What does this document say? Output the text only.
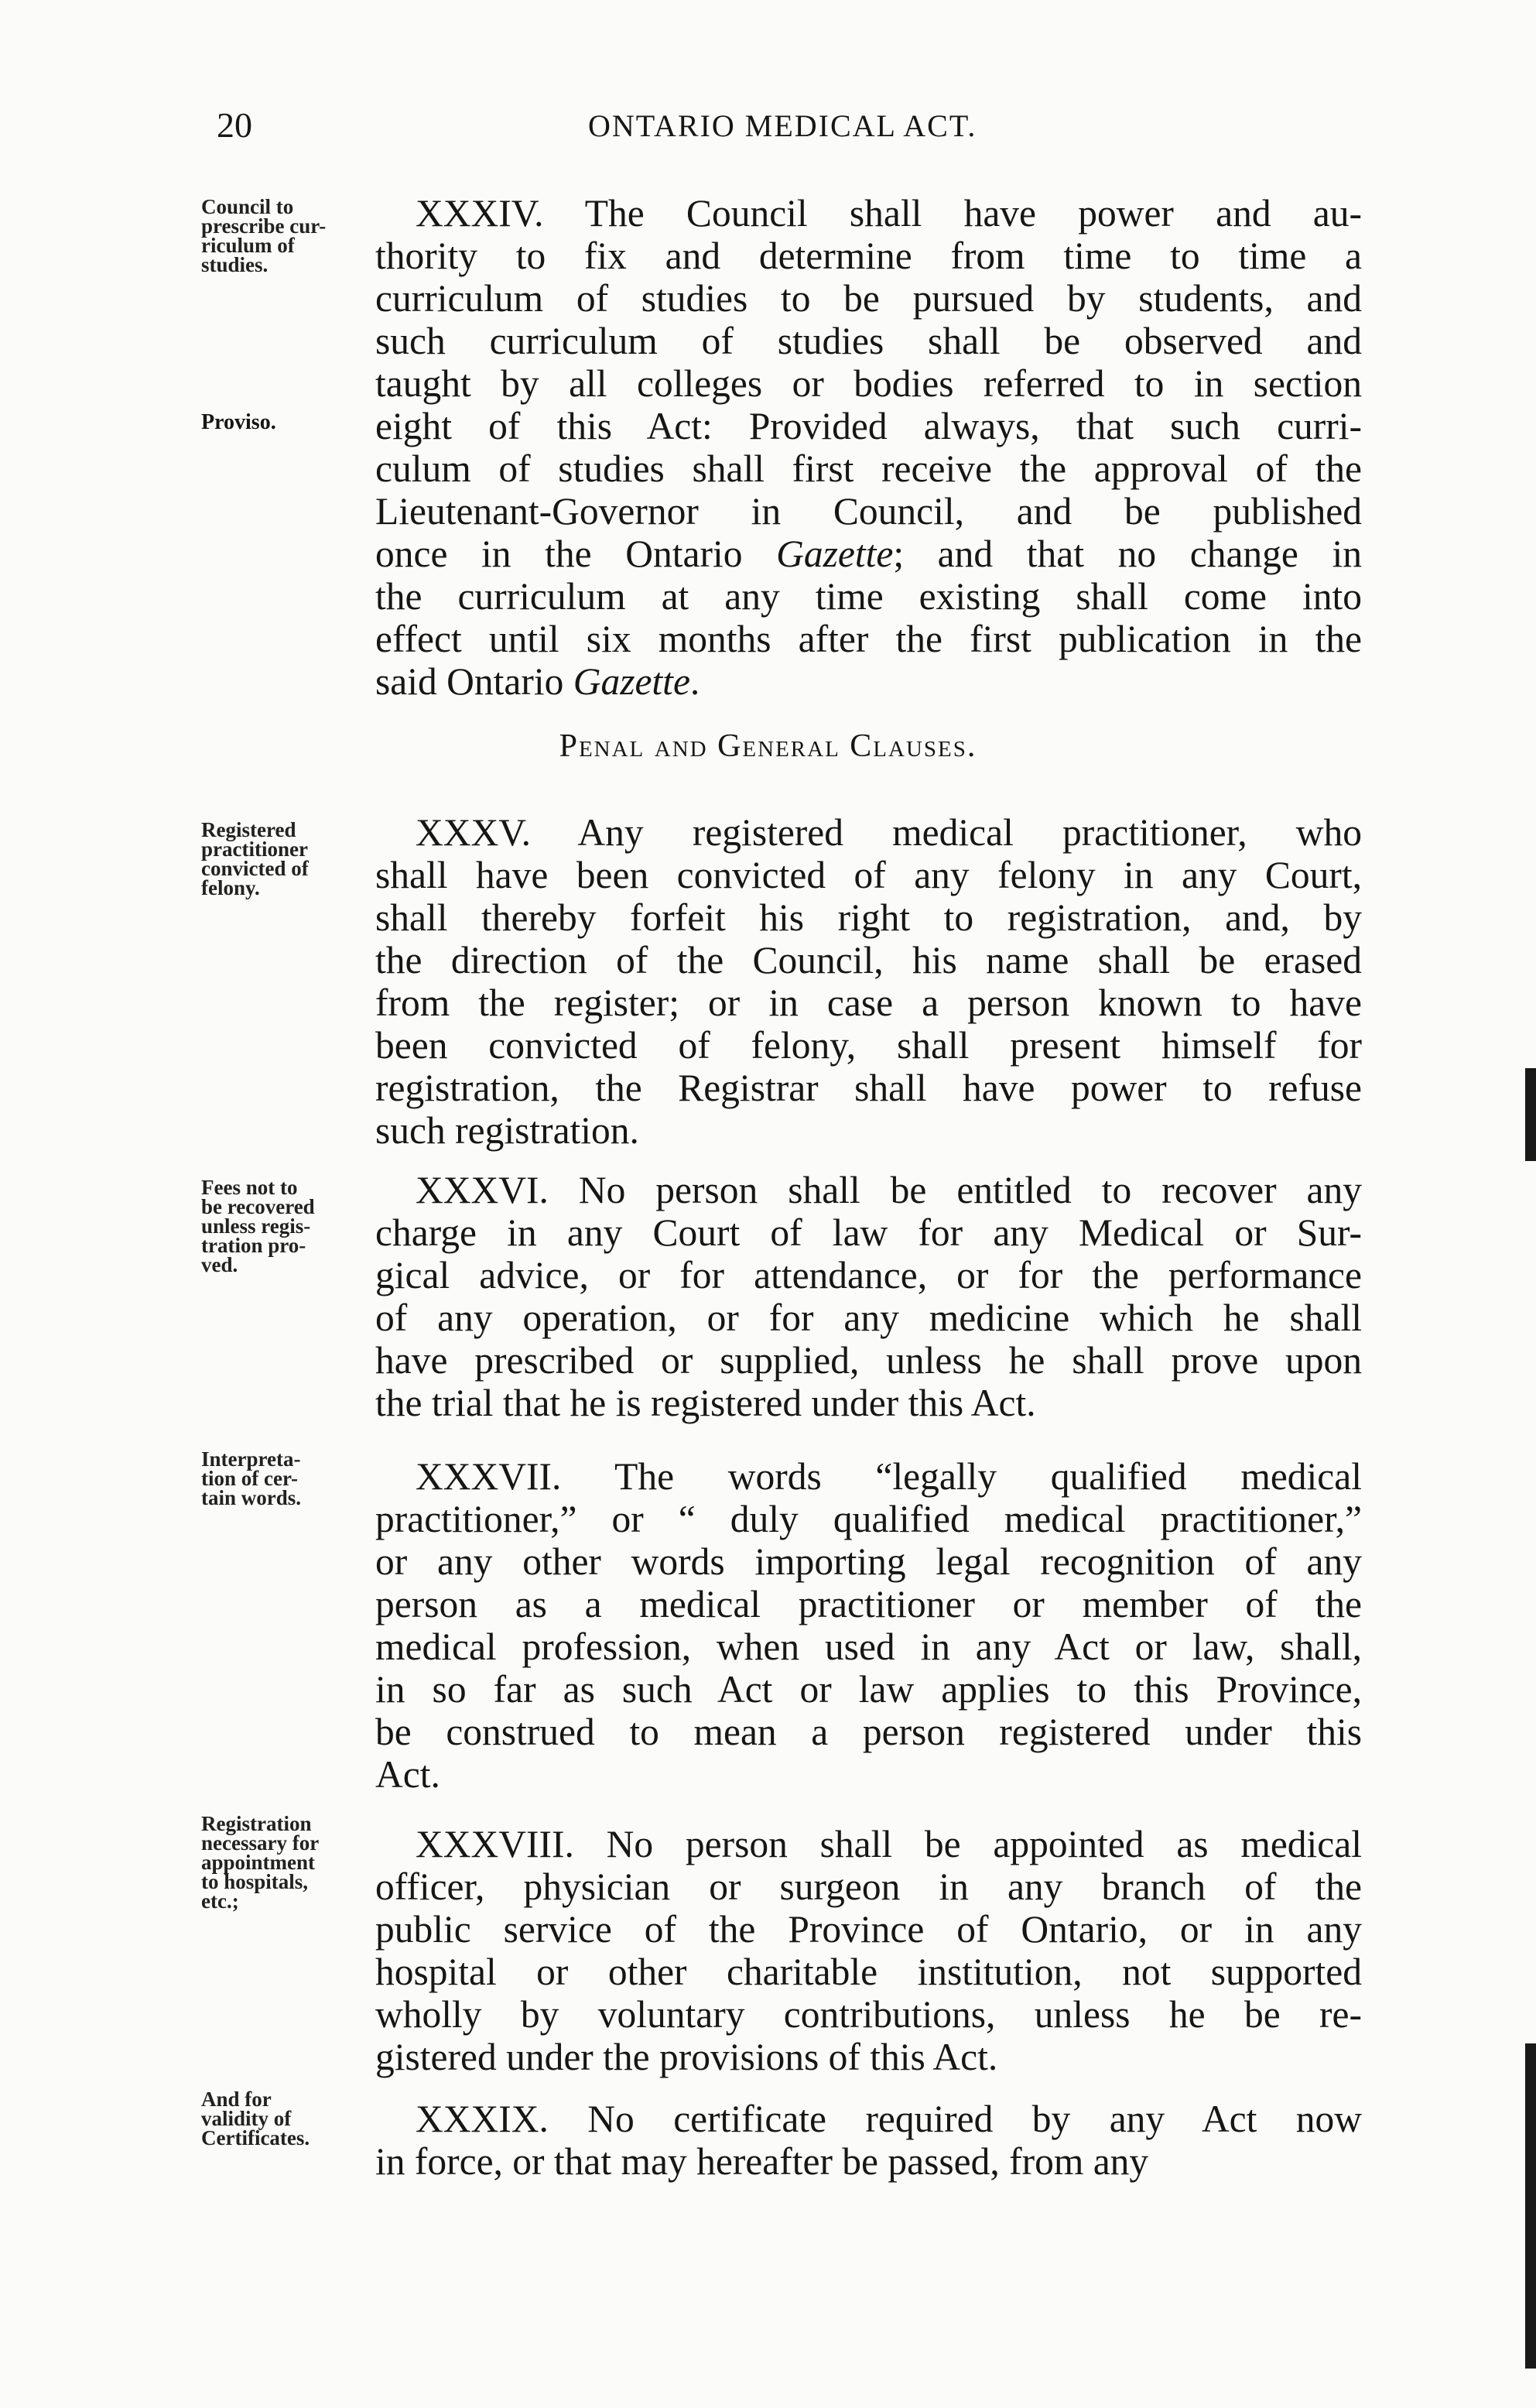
20	ONTARIO MEDICAL ACT.
Penal and General Clauses.
Council to
prescribe cur-
riculum of
studies.
Proviso.
XXXIV. The Council shall have power and au-
thority to fix and determine from time to time a
curriculum of studies to be pursued by students, and
such curriculum of studies shall be observed and
taught by all colleges or bodies referred to in section
eight of this Act: Provided always, that such curri-
culum of studies shall first receive the approval of the
Lieutenant-Governor in Council, and be published
once in the Ontario Gazette; and that no change in
the curriculum at any time existing shall come into
effect until six months after the first publication in the
said Ontario Gazette.
Registered
practitioner
convicted of
felony.
XXXV. Any registered medical practitioner, who
shall have been convicted of any felony in any Court,
shall thereby forfeit his right to registration, and, by
the direction of the Council, his name shall be erased
from the register; or in case a person known to have
been convicted of felony, shall present himself for
registration, the Registrar shall have power to refuse
such registration.
Fees not to
be recovered
unless regis-
tration pro-
ved.
XXXVI. No person shall be entitled to recover any
charge in any Court of law for any Medical or Sur-
gical advice, or for attendance, or for the performance
of any operation, or for any medicine which he shall
have prescribed or supplied, unless he shall prove upon
the trial that he is registered under this Act.
Interpreta-
tion of cer-
tain words.	XXXVII. The words “legally qualified medical
practitioner,” or “ duly qualified medical practitioner,”
or any other words importing legal recognition of any
person as a medical practitioner or member of the
medical profession, when used in any Act or law, shall,
in so far as such Act or law applies to this Province,
be construed to mean a person registered under this
Act.
Registration
necessary for
appointment
to hospitals,
etc.;
XXXVIII. No person shall be appointed as medical
officer, physician or surgeon in any branch of the
public service of the Province of Ontario, or in any
hospital or other charitable institution, not supported
wholly by voluntary contributions, unless he be re-
gistered under the provisions of this Act.
And for
validity of
Certificates.	XXXIX. No certificate required by any Act now
in force, or that may hereafter be passed, from any
